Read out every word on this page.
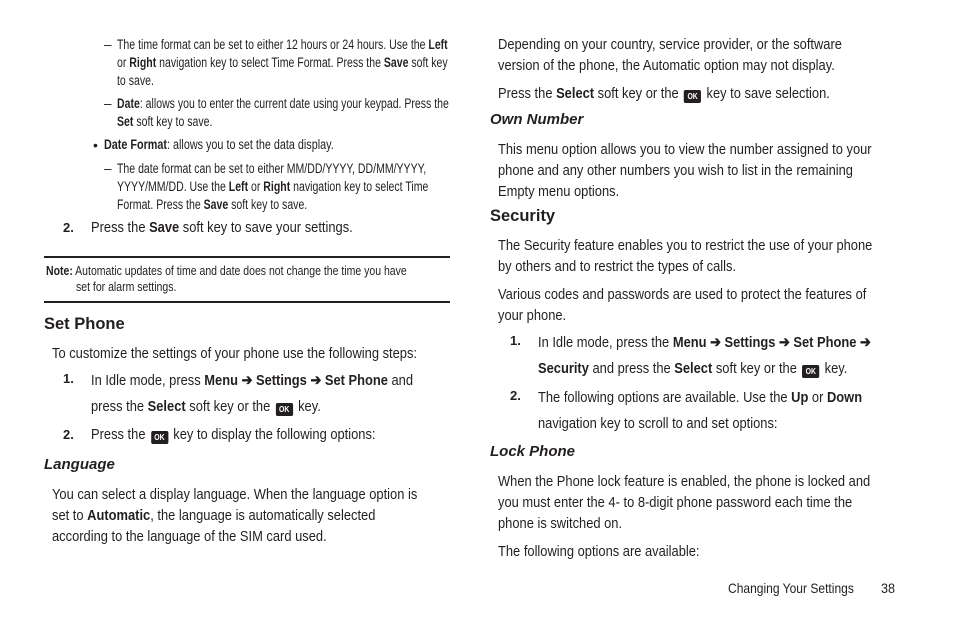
– The time format can be set to either 12 hours or 24 hours. Use the Left
or Right navigation key to select Time Format. Press the Save soft key
to save.
– Date: allows you to enter the current date using your keypad. Press the
Set soft key to save.
• Date Format: allows you to set the data display.
– The date format can be set to either MM/DD/YYYY, DD/MM/YYYY,
YYYY/MM/DD. Use the Left or Right navigation key to select Time
Format. Press the Save soft key to save.
2. Press the Save soft key to save your settings.
Note: Automatic updates of time and date does not change the time you have
set for alarm settings.
Set Phone
To customize the settings of your phone use the following steps:
1. In Idle mode, press Menu ➔ Settings ➔ Set Phone and
press the Select soft key or the OK key.
2. Press the OK key to display the following options:
Language
You can select a display language. When the language option is
set to Automatic, the language is automatically selected
according to the language of the SIM card used.
Depending on your country, service provider, or the software
version of the phone, the Automatic option may not display.
Press the Select soft key or the OK key to save selection.
Own Number
This menu option allows you to view the number assigned to your
phone and any other numbers you wish to list in the remaining
Empty menu options.
Security
The Security feature enables you to restrict the use of your phone
by others and to restrict the types of calls.
Various codes and passwords are used to protect the features of
your phone.
1. In Idle mode, press the Menu ➔ Settings ➔ Set Phone ➔
Security and press the Select soft key or the OK key.
2. The following options are available. Use the Up or Down
navigation key to scroll to and set options:
Lock Phone
When the Phone lock feature is enabled, the phone is locked and
you must enter the 4- to 8-digit phone password each time the
phone is switched on.
The following options are available:
Changing Your Settings	38
